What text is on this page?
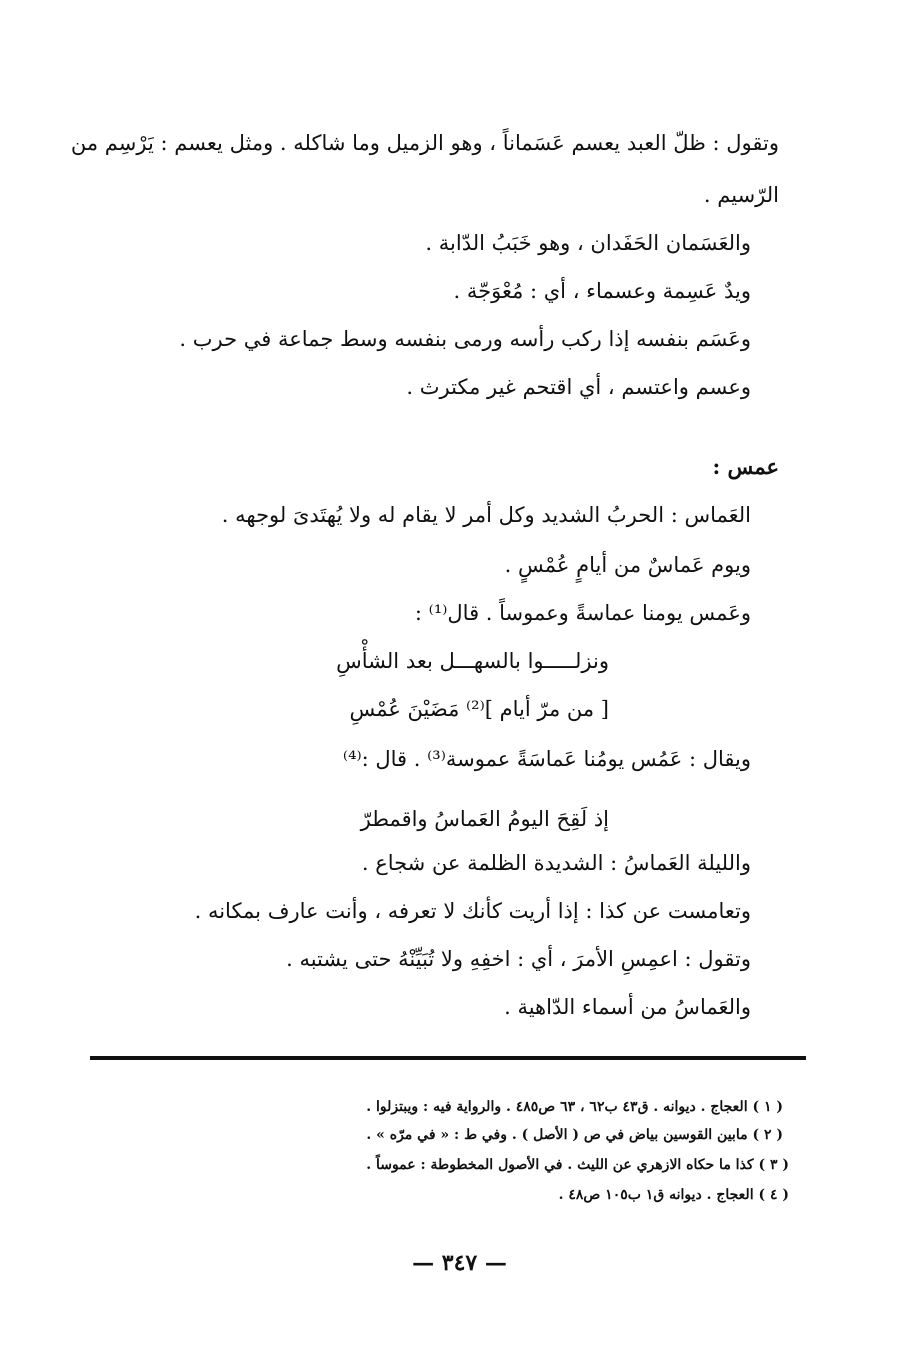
وتقول : ظلّ العبد يعسم عَسَماناً ، وهو الزميل وما شاكله . ومثل يعسم : يَرْسِم من
الرّسيم .
والعَسَمان الحَفَدان ، وهو خَبَبُ الدّابة .
ويدٌ عَسِمة وعسماء ، أي : مُعْوَجّة .
وعَسَم بنفسه إذا ركب رأسه ورمى بنفسه وسط جماعة في حرب .
وعسم واعتسم ، أي اقتحم غير مكترث .
عمس :
العَماس : الحربُ الشديد وكل أمر لا يقام له ولا يُهتَدىَ لوجهه .
ويوم عَماسٌ من أيامٍ عُمْسٍ .
وعَمس يومنا عماسةً وعموساً . قال⁽¹⁾ :
ونزلـــــوا بالسهـــل بعد الشأْسِ
[ من مرّ أيام ]⁽²⁾ مَضَيْنَ عُمْسِ
ويقال : عَمُس يومُنا عَماسَةً عموسة⁽³⁾ . قال :⁽⁴⁾
إذ لَقِحَ اليومُ العَماسُ واقمطرّ
والليلة العَماسُ : الشديدة الظلمة عن شجاع .
وتعامست عن كذا : إذا أريت كأنك لا تعرفه ، وأنت عارف بمكانه .
وتقول : اعمِسِ الأمرَ ، أي : اخفِهِ ولا تُبَيِّنْهُ حتى يشتبه .
والعَماسُ من أسماء الدّاهية .
( ١ ) العجاج . ديوانه . ق٤٣ ب٦٢ ، ٦٣ ص٤٨٥ . والرواية فيه : ويبتزلوا .
( ٢ ) مابين القوسين بياض في ص ( الأصل ) . وفي ط : « في مرّه » .
( ٣ ) كذا ما حكاه الازهري عن الليث . في الأصول المخطوطة : عموساً .
( ٤ ) العجاج . ديوانه ق١ ب١٠٥ ص٤٨ .
— ٣٤٧ —
